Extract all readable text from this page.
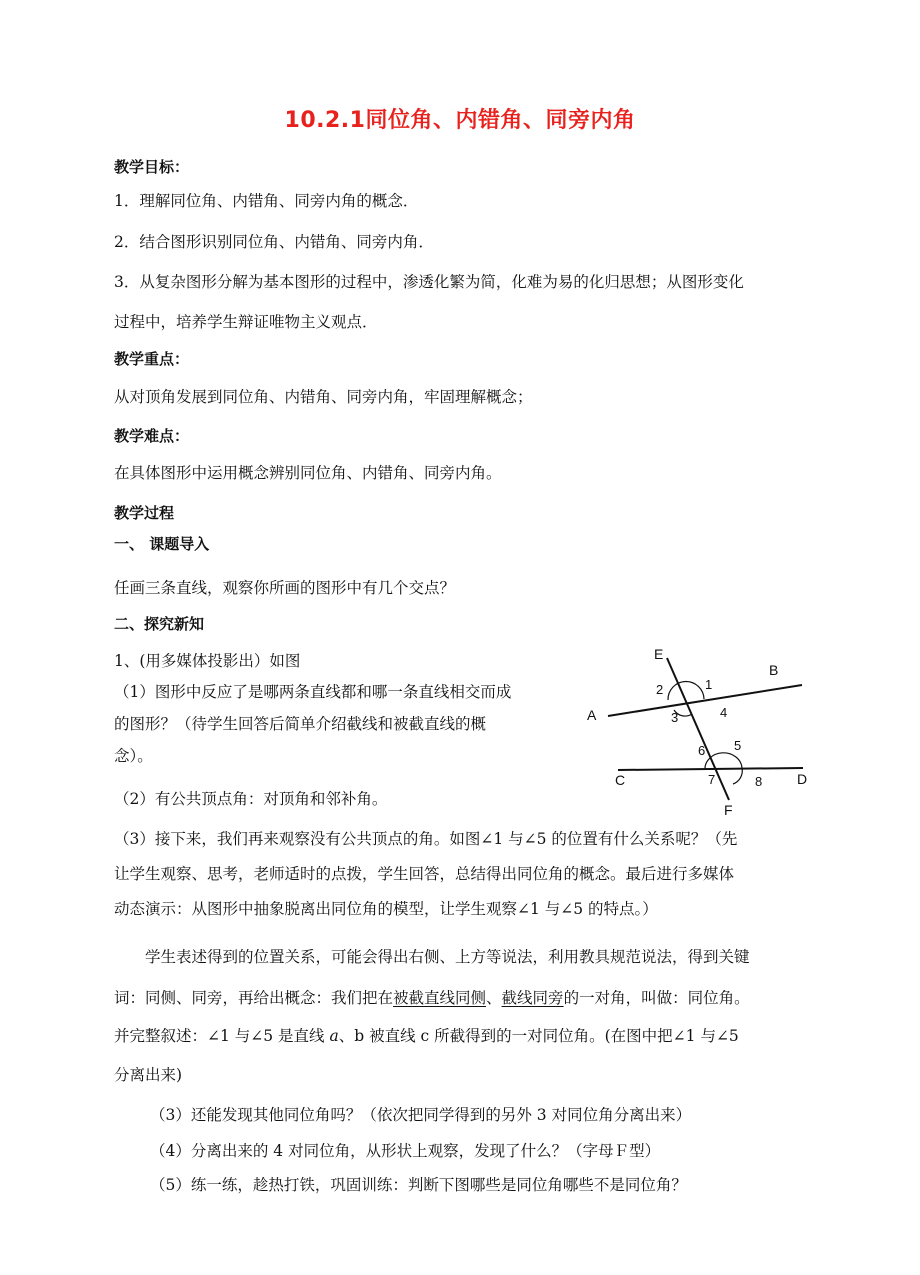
10.2.1同位角、内错角、同旁内角
教学目标：
1．理解同位角、内错角、同旁内角的概念．
2．结合图形识别同位角、内错角、同旁内角．
3．从复杂图形分解为基本图形的过程中，渗透化繁为简，化难为易的化归思想；从图形变化
过程中，培养学生辩证唯物主义观点．
教学重点：
从对顶角发展到同位角、内错角、同旁内角，牢固理解概念；
教学难点：
在具体图形中运用概念辨别同位角、内错角、同旁内角。
教学过程
一、 课题导入
任画三条直线，观察你所画的图形中有几个交点？
二、探究新知
1、(用多媒体投影出）如图
（1）图形中反应了是哪两条直线都和哪一条直线相交而成
的图形？（待学生回答后简单介绍截线和被截直线的概
念）。
（2）有公共顶点角：对顶角和邻补角。
（3）接下来，我们再来观察没有公共顶点的角。如图∠1 与∠5 的位置有什么关系呢？（先
让学生观察、思考，老师适时的点拨，学生回答，总结得出同位角的概念。最后进行多媒体
动态演示：从图形中抽象脱离出同位角的模型，让学生观察∠1 与∠5 的特点。）
学生表述得到的位置关系，可能会得出右侧、上方等说法，利用教具规范说法，得到关键
词：同侧、同旁，再给出概念：我们把在被截直线同侧、截线同旁的一对角，叫做：同位角。
并完整叙述：∠1 与∠5 是直线 a、b 被直线 c 所截得到的一对同位角。(在图中把∠1 与∠5
分离出来)
（3）还能发现其他同位角吗？（依次把同学得到的另外 3 对同位角分离出来）
（4）分离出来的 4 对同位角，从形状上观察，发现了什么？（字母Ｆ型）
（5）练一练，趁热打铁，巩固训练：判断下图哪些是同位角哪些不是同位角？
E
B
A
C	D
F
1
2
3	4
5
6
7	8
